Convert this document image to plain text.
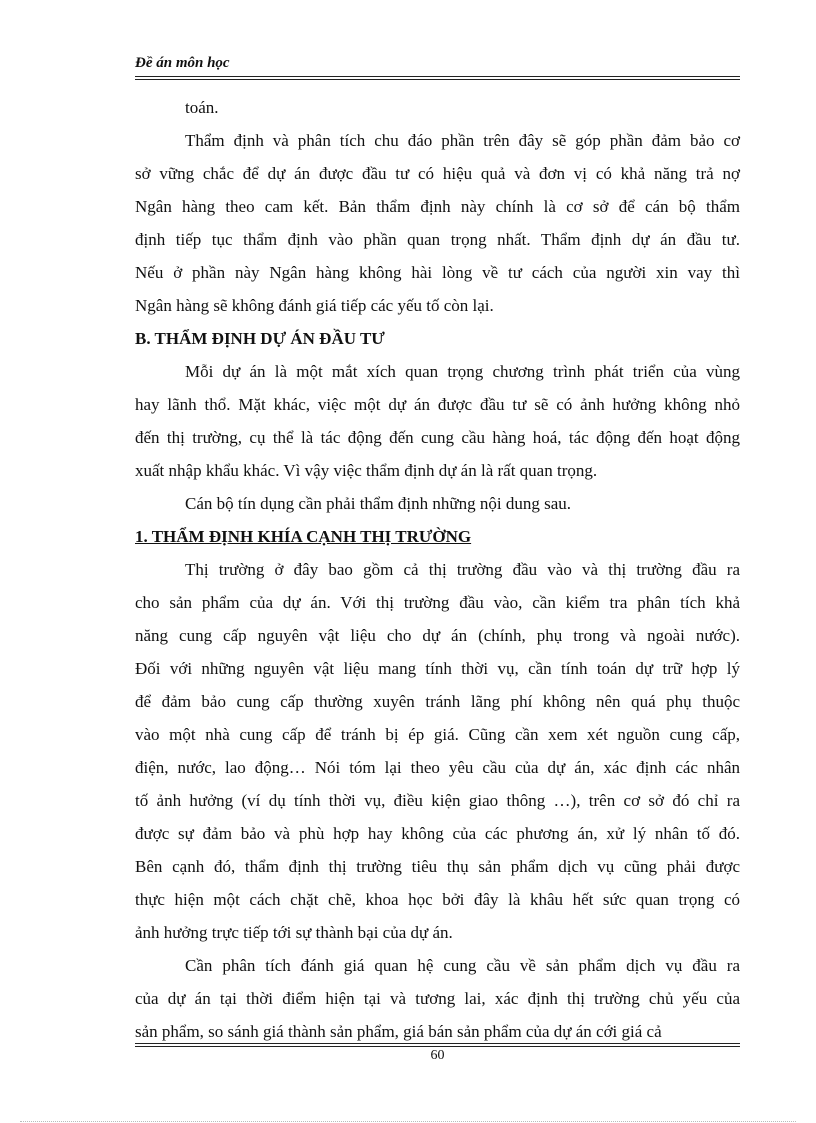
Đề án môn học
toán.
Thẩm định và phân tích chu đáo phần trên đây sẽ góp phần đảm bảo cơ
sở vững chắc để dự án được đầu tư có hiệu quả và đơn vị có khả năng trả nợ
Ngân hàng theo cam kết. Bản thẩm định này chính là cơ sở để cán bộ thẩm
định tiếp tục thẩm định vào phần quan trọng nhất. Thẩm định dự án đầu tư.
Nếu ở phần này Ngân hàng không hài lòng về tư cách của người xin vay thì
Ngân hàng sẽ không đánh giá tiếp các yếu tố còn lại.
B. THẨM ĐỊNH DỰ ÁN ĐẦU TƯ
Mỗi dự án là một mắt xích quan trọng chương trình phát triển của vùng
hay lãnh thổ. Mặt khác, việc một dự án được đầu tư sẽ có ảnh hưởng không nhỏ
đến thị trường, cụ thể là tác động đến cung cầu hàng hoá, tác động đến hoạt động
xuất nhập khẩu khác. Vì vậy việc thẩm định dự án là rất quan trọng.
Cán bộ tín dụng cần phải thẩm định những nội dung sau.
1. THẨM ĐỊNH KHÍA CẠNH THỊ TRƯỜNG
Thị trường ở đây bao gồm cả thị trường đầu vào và thị trường đầu ra
cho sản phẩm của dự án. Với thị trường đầu vào, cần kiểm tra phân tích khả
năng cung cấp nguyên vật liệu cho dự án (chính, phụ trong và ngoài nước).
Đối với những nguyên vật liệu mang tính thời vụ, cần tính toán dự trữ hợp lý
để đảm bảo cung cấp thường xuyên tránh lãng phí không nên quá phụ thuộc
vào một nhà cung cấp để tránh bị ép giá. Cũng cần xem xét nguồn cung cấp,
điện, nước, lao động… Nói tóm lại theo yêu cầu của dự án, xác định các nhân
tố ảnh hưởng (ví dụ tính thời vụ, điều kiện giao thông …), trên cơ sở đó chỉ ra
được sự đảm bảo và phù hợp hay không của các phương án, xử lý nhân tố đó.
Bên cạnh đó, thẩm định thị trường tiêu thụ sản phẩm dịch vụ cũng phải được
thực hiện một cách chặt chẽ, khoa học bởi đây là khâu hết sức quan trọng có
ảnh hưởng trực tiếp tới sự thành bại của dự án.
Cần phân tích đánh giá quan hệ cung cầu về sản phẩm dịch vụ đầu ra
của dự án tại thời điểm hiện tại và tương lai, xác định thị trường chủ yếu của
sản phẩm, so sánh giá thành sản phẩm, giá bán sản phẩm của dự án cới giá cả
60
